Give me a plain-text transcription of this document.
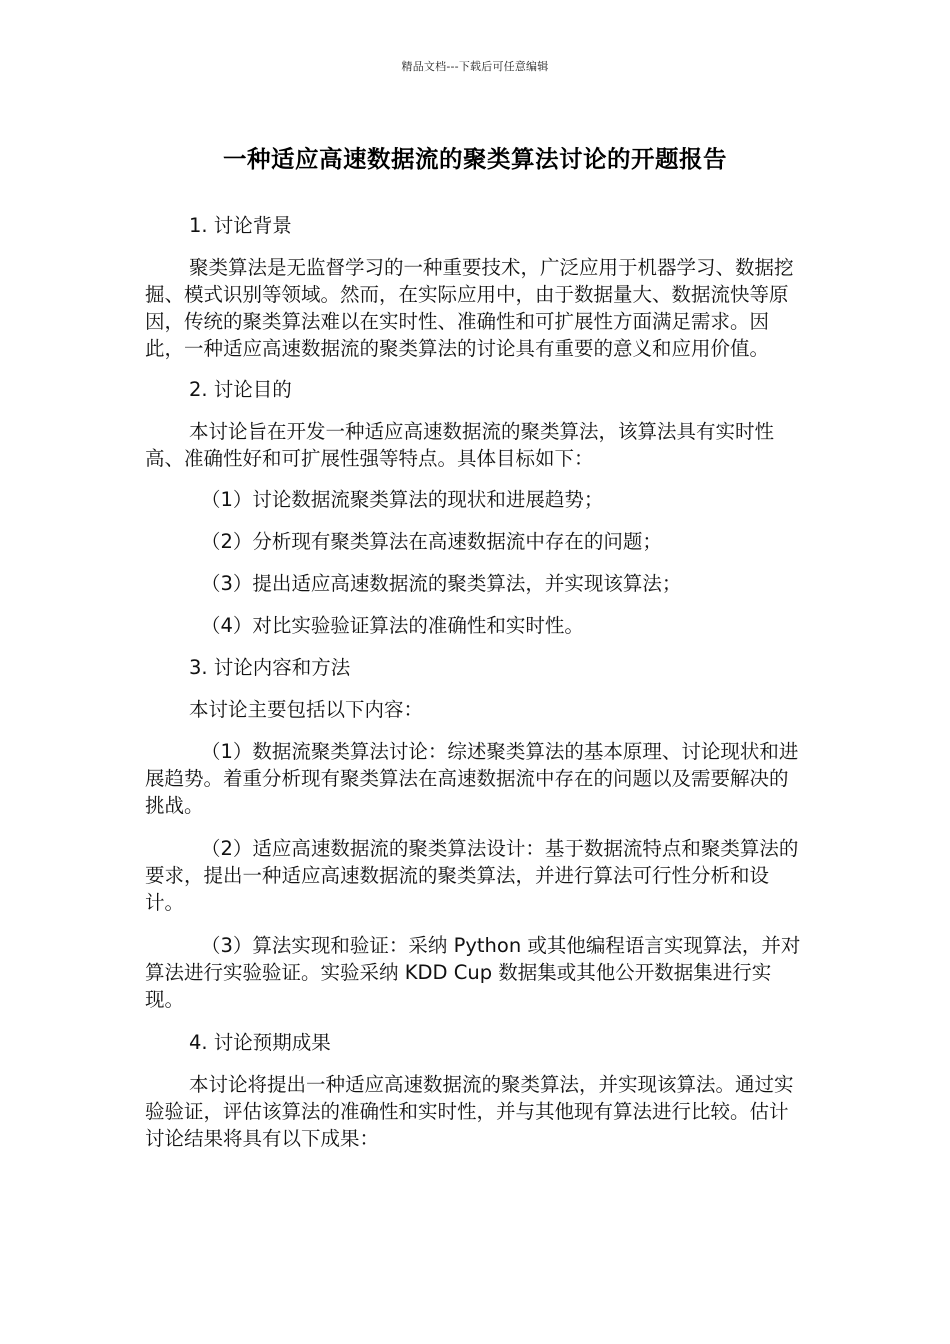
精品文档---下载后可任意编辑
一种适应高速数据流的聚类算法讨论的开题报告

1. 讨论背景

聚类算法是无监督学习的一种重要技术，广泛应用于机器学习、数据挖掘、模式识别等领域。然而，在实际应用中，由于数据量大、数据流快等原因，传统的聚类算法难以在实时性、准确性和可扩展性方面满足需求。因此，一种适应高速数据流的聚类算法的讨论具有重要的意义和应用价值。

2. 讨论目的

本讨论旨在开发一种适应高速数据流的聚类算法，该算法具有实时性高、准确性好和可扩展性强等特点。具体目标如下：

（1）讨论数据流聚类算法的现状和进展趋势；

（2）分析现有聚类算法在高速数据流中存在的问题；

（3）提出适应高速数据流的聚类算法，并实现该算法；

（4）对比实验验证算法的准确性和实时性。

3. 讨论内容和方法

本讨论主要包括以下内容：

（1）数据流聚类算法讨论：综述聚类算法的基本原理、讨论现状和进展趋势。着重分析现有聚类算法在高速数据流中存在的问题以及需要解决的挑战。

（2）适应高速数据流的聚类算法设计：基于数据流特点和聚类算法的要求，提出一种适应高速数据流的聚类算法，并进行算法可行性分析和设计。

（3）算法实现和验证：采纳 Python 或其他编程语言实现算法，并对算法进行实验验证。实验采纳 KDD Cup 数据集或其他公开数据集进行实现。

4. 讨论预期成果

本讨论将提出一种适应高速数据流的聚类算法，并实现该算法。通过实验验证，评估该算法的准确性和实时性，并与其他现有算法进行比较。估计讨论结果将具有以下成果：
